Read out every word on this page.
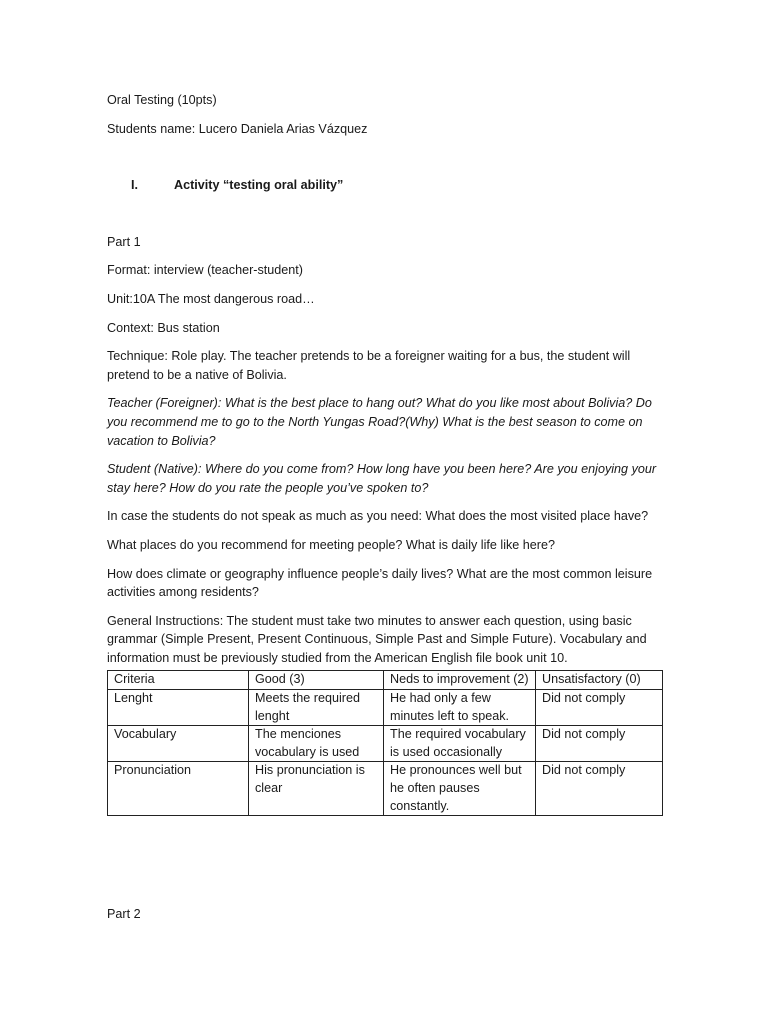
Oral Testing (10pts)

Students name: Lucero Daniela Arias Vázquez

I.	Activity “testing oral ability”

Part 1

Format: interview (teacher-student)

Unit:10A The most dangerous road…

Context: Bus station

Technique: Role play. The teacher pretends to be a foreigner waiting for a bus, the student will pretend to be a native of Bolivia.

Teacher (Foreigner): What is the best place to hang out? What do you like most about Bolivia? Do you recommend me to go to the North Yungas Road?(Why) What is the best season to come on vacation to Bolivia?

Student (Native): Where do you come from? How long have you been here? Are you enjoying your stay here? How do you rate the people you’ve spoken to?

In case the students do not speak as much as you need: What does the most visited place have?

What places do you recommend for meeting people? What is daily life like here?

How does climate or geography influence people’s daily lives? What are the most common leisure activities among residents?

General Instructions: The student must take two minutes to answer each question, using basic grammar (Simple Present, Present Continuous, Simple Past and Simple Future). Vocabulary and information must be previously studied from the American English file book unit 10.

Criteria	Good (3)	Neds to improvement (2)	Unsatisfactory (0)
Lenght	Meets the required lenght	He had only a few minutes left to speak.	Did not comply
Vocabulary	The menciones vocabulary is used	The required vocabulary is used occasionally	Did not comply
Pronunciation	His pronunciation is clear	He pronounces well but he often pauses constantly.	Did not comply

Part 2
